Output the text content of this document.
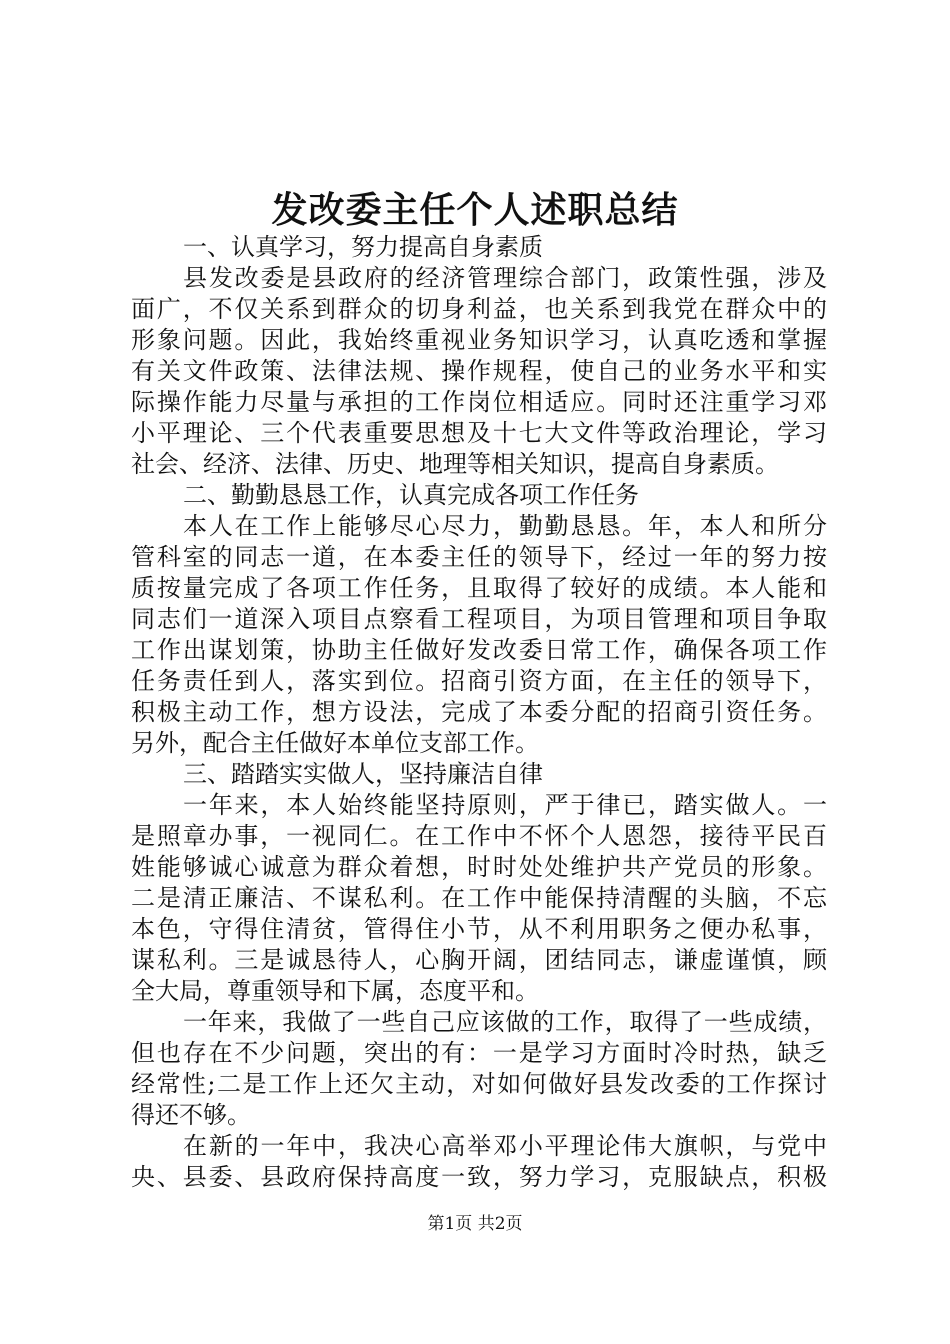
发改委主任个人述职总结
一、认真学习，努力提高自身素质
县发改委是县政府的经济管理综合部门，政策性强，涉及
面广，不仅关系到群众的切身利益，也关系到我党在群众中的
形象问题。因此，我始终重视业务知识学习，认真吃透和掌握
有关文件政策、法律法规、操作规程，使自己的业务水平和实
际操作能力尽量与承担的工作岗位相适应。同时还注重学习邓
小平理论、三个代表重要思想及十七大文件等政治理论，学习
社会、经济、法律、历史、地理等相关知识，提高自身素质。
二、勤勤恳恳工作，认真完成各项工作任务
本人在工作上能够尽心尽力，勤勤恳恳。年，本人和所分
管科室的同志一道，在本委主任的领导下，经过一年的努力按
质按量完成了各项工作任务，且取得了较好的成绩。本人能和
同志们一道深入项目点察看工程项目，为项目管理和项目争取
工作出谋划策，协助主任做好发改委日常工作，确保各项工作
任务责任到人，落实到位。招商引资方面，在主任的领导下，
积极主动工作，想方设法，完成了本委分配的招商引资任务。
另外，配合主任做好本单位支部工作。
三、踏踏实实做人，坚持廉洁自律
一年来，本人始终能坚持原则，严于律已，踏实做人。一
是照章办事，一视同仁。在工作中不怀个人恩怨，接待平民百
姓能够诚心诚意为群众着想，时时处处维护共产党员的形象。
二是清正廉洁、不谋私利。在工作中能保持清醒的头脑，不忘
本色，守得住清贫，管得住小节，从不利用职务之便办私事，
谋私利。三是诚恳待人，心胸开阔，团结同志，谦虚谨慎，顾
全大局，尊重领导和下属，态度平和。
一年来，我做了一些自己应该做的工作，取得了一些成绩，
但也存在不少问题，突出的有：一是学习方面时冷时热，缺乏
经常性;二是工作上还欠主动，对如何做好县发改委的工作探讨
得还不够。
在新的一年中，我决心高举邓小平理论伟大旗帜，与党中
央、县委、县政府保持高度一致，努力学习，克服缺点，积极
第1页 共2页
